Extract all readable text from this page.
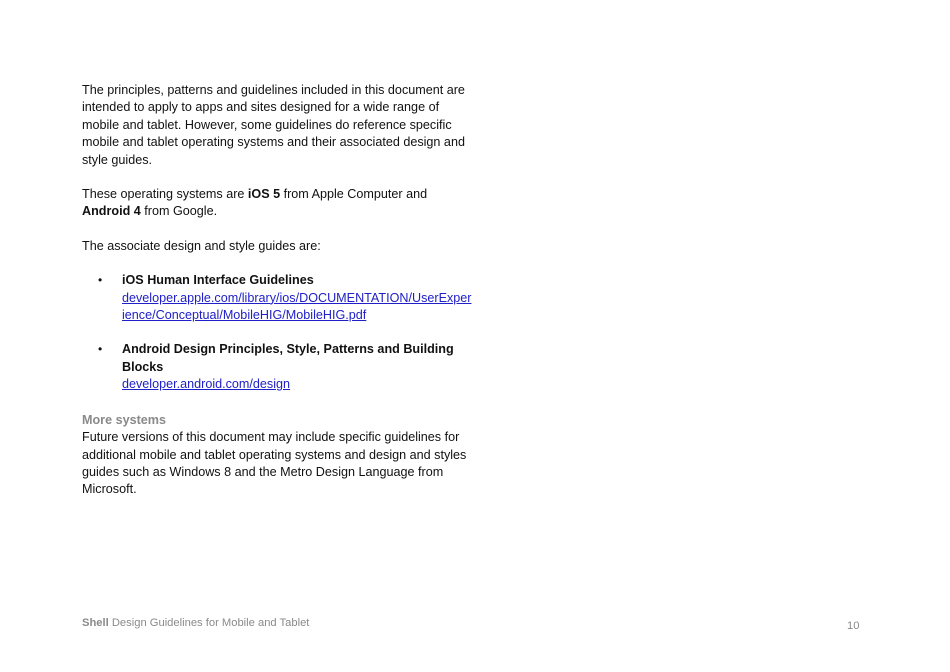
The principles, patterns and guidelines included in this document are intended to apply to apps and sites designed for a wide range of mobile and tablet. However, some guidelines do reference specific mobile and tablet operating systems and their associated design and style guides.

These operating systems are iOS 5 from Apple Computer and Android 4 from Google.

The associate design and style guides are:

• iOS Human Interface Guidelines
developer.apple.com/library/ios/DOCUMENTATION/UserExperience/Conceptual/MobileHIG/MobileHIG.pdf
• Android Design Principles, Style, Patterns and Building Blocks
developer.android.com/design

More systems

Future versions of this document may include specific guidelines for additional mobile and tablet operating systems and design and styles guides such as Windows 8 and the Metro Design Language from Microsoft.

Shell Design Guidelines for Mobile and Tablet	10
